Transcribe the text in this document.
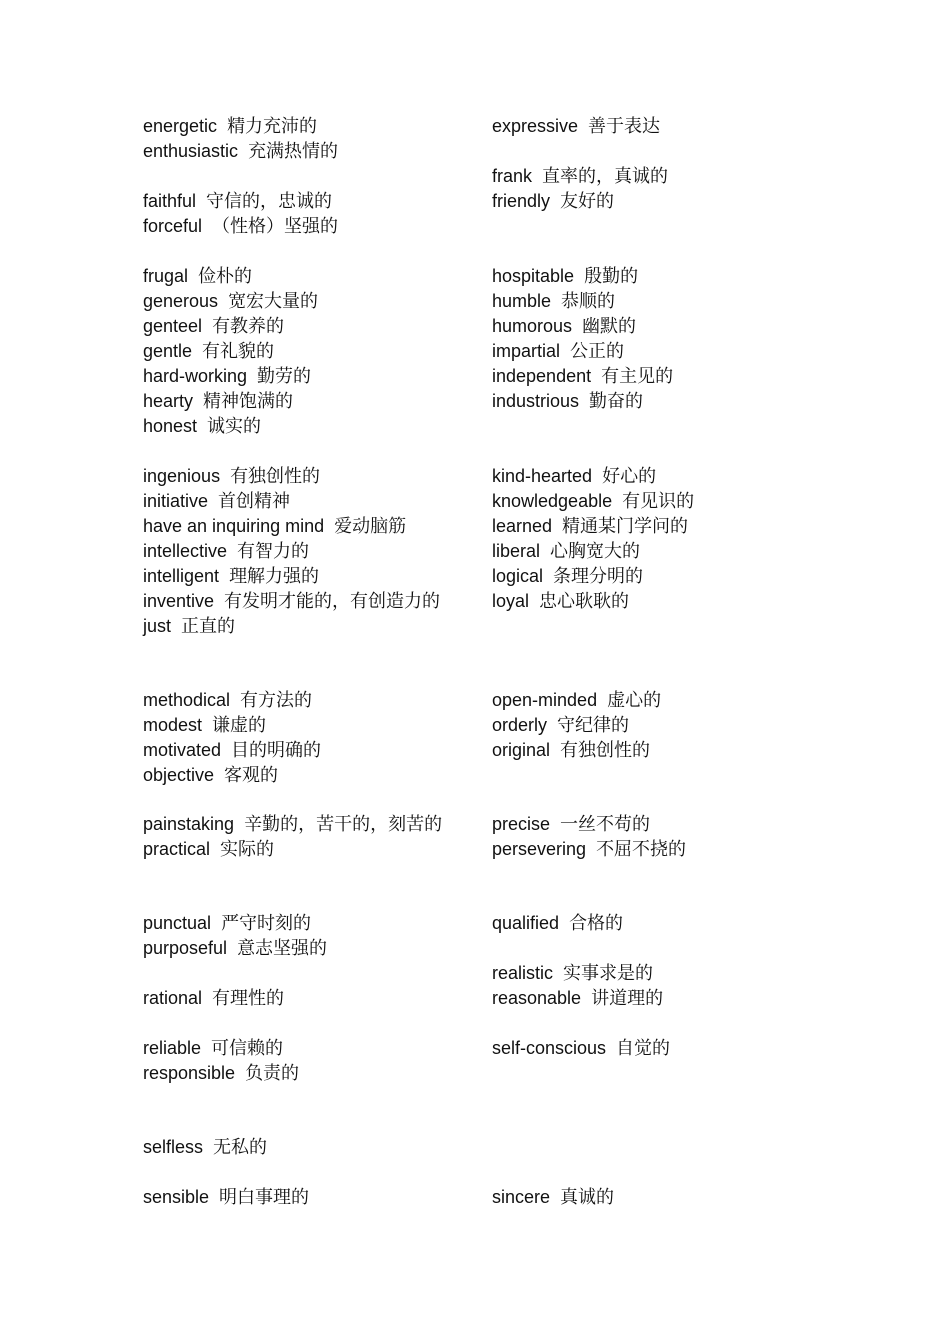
energetic 精力充沛的
enthusiastic 充满热情的
faithful 守信的，忠诚的
forceful （性格）坚强的
frugal 俭朴的
generous 宽宏大量的
genteel 有教养的
gentle 有礼貌的
hard-working 勤劳的
hearty 精神饱满的
honest 诚实的
ingenious 有独创性的
initiative 首创精神
have an inquiring mind 爱动脑筋
intellective 有智力的
intelligent 理解力强的
inventive 有发明才能的，有创造力的
just 正直的
methodical 有方法的
modest 谦虚的
motivated 目的明确的
objective 客观的
painstaking 辛勤的，苦干的，刻苦的
practical 实际的
punctual 严守时刻的
purposeful 意志坚强的
rational 有理性的
reliable 可信赖的
responsible 负责的
selfless 无私的
sensible 明白事理的
expressive 善于表达
frank 直率的，真诚的
friendly 友好的
hospitable 殷勤的
humble 恭顺的
humorous 幽默的
impartial 公正的
independent 有主见的
industrious 勤奋的
kind-hearted 好心的
knowledgeable 有见识的
learned 精通某门学问的
liberal 心胸宽大的
logical 条理分明的
loyal 忠心耿耿的
open-minded 虚心的
orderly 守纪律的
original 有独创性的
precise 一丝不苟的
persevering 不屈不挠的
qualified 合格的
realistic 实事求是的
reasonable 讲道理的
self-conscious 自觉的
sincere 真诚的
